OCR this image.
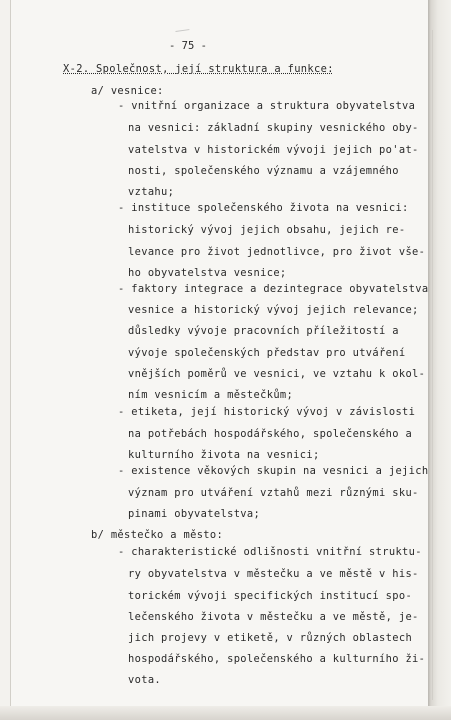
- 75 -
X-2. Společnost, její struktura a funkce:
a/ vesnice:
- vnitřní organizace a struktura obyvatelstva
na vesnici: základní skupiny vesnického oby-
vatelstva v historickém vývoji jejich po'at-
nosti, společenského významu a vzájemného
vztahu;
- instituce společenského života na vesnici:
historický vývoj jejich obsahu, jejich re-
levance pro život jednotlivce, pro život vše-
ho obyvatelstva vesnice;
- faktory integrace a dezintegrace obyvatelstva
vesnice a historický vývoj jejich relevance;
důsledky vývoje pracovních příležitostí a
vývoje společenských představ pro utváření
vnějších poměrů ve vesnici, ve vztahu k okol-
ním vesnicím a městečkům;
- etiketa, její historický vývoj v závislosti
na potřebách hospodářského, společenského a
kulturního života na vesnici;
- existence věkových skupin na vesnici a jejich
význam pro utváření vztahů mezi různými sku-
pinami obyvatelstva;
b/ městečko a město:
- charakteristické odlišnosti vnitřní struktu-
ry obyvatelstva v městečku a ve městě v his-
torickém vývoji specifických institucí spo-
lečenského života v městečku a ve městě, je-
jich projevy v etiketě, v různých oblastech
hospodářského, společenského a kulturního ži-
vota.
